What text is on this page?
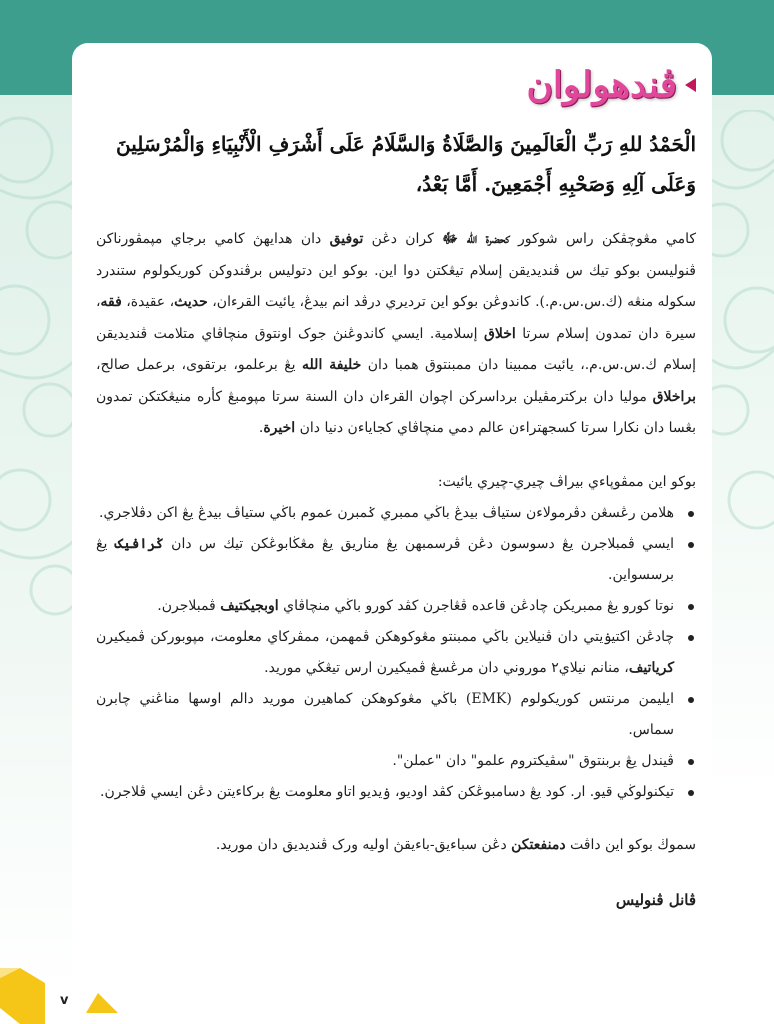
ڤندهولوان

الْحَمْدُ للهِ رَبِّ الْعَالَمِينَ وَالصَّلَاةُ وَالسَّلَامُ عَلَى أَشْرَفِ الْأَنْبِيَاءِ وَالْمُرْسَلِينَ وَعَلَى آلِهِ وَصَحْبِهِ أَجْمَعِينَ. أَمَّا بَعْدُ،

كامي مڠوچڤكن راس شوكور كحضرة الله ﷻ كران دڠن توفيق دان هدايهڽ كامي برجاي مپمڤورناكن ڤنوليسن بوكو تيك س ڤنديديقن إسلام تيڠكتن دوا اين. بوكو اين دتوليس برڤندوكن كوريكولوم ستندرد سكوله منڠه (ك.س.س.م.). كاندوڠن بوكو اين ترديري درڤد انم بيدڠ، يائيت القرءان، حديث، عقيدة، فقه، سيرة دان تمدون إسلام سرتا اخلاق إسلامية. ايسي كاندوڠنڽ جوک اونتوق منچاڤاي متلامت ڤنديديقن إسلام ك.س.س.م.، يائيت ممبينا دان ممبنتوق همبا دان خليفة الله يڠ برعلمو، برتقوى، برعمل صالح، براخلاق موليا دان بركترمڤيلن برداسركن اچوان القرءان دان السنة سرتا مپومبڠ كأره منيڠكتكن تمدون بڠسا دان نكارا سرتا كسجهتراءن عالم دمي منچاڤاي كجاياءن دنيا دان اخيرة.

بوكو اين ممڤوڽاءي بيراڤ چيري-چيري يائيت:

هلامن رڠسڠن دڤرمولاءن ستياڤ بيدڠ باڬي ممبري ݢمبرن عموم باڬي ستياڤ بيدڠ يڠ اكن دڤلاجري.
ايسي ڤمبلاجرن يڠ دسوسون دڠن ڤرسمبهن يڠ مناريق يڠ مڠڬابوڠكن تيك س دان ݢرافيک يڠ برسسواين.
نوتا كورو يڠ ممبريكن چادڠن قاعده ڤڠاجرن كڤد كورو باڬي منچاڤاي اوبجيكتيف ڤمبلاجرن.
چادڠن اكتيۏيتي دان ڤنيلاين باڬي ممبنتو مڠوكوهكن ڤمهمن، ممڤركاي معلومت، مپوبوركن ڤميكيرن كرياتيف، منانم نيلاي٢ موروني دان مرڠسڠ ڤميكيرن ارس تيڠڬي موريد.
ايليمن مرنتس كوريكولوم (EMK) باڬي مڠوكوهكن كماهيرن موريد دالم اوسها مناڠني چابرن سماس.
ڤيندل يڠ بربنتوق "سڤيكتروم علمو" دان "عملن".
تيكنولوڬي قيو. ار. كود يڠ دسامبوڠكن كڤد اوديو، ۏيديو اتاو معلومت يڠ بركاءيتن دڠن ايسي ڤلاجرن.

سموڬ بوكو اين داڤت دمنفعتكن دڠن سباءيق-باءيقڽ اوليه ورک ڤنديديق دان موريد.

ڤانل ڤنوليس

v
